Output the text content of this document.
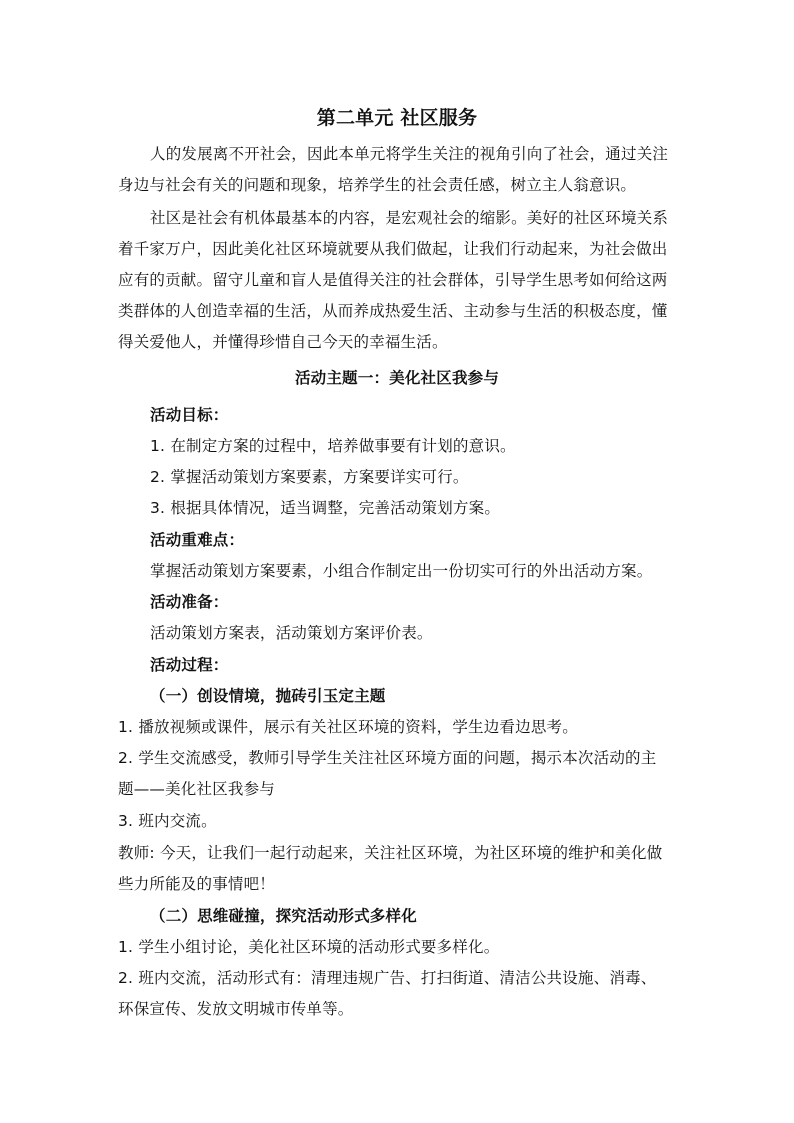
第二单元 社区服务
人的发展离不开社会，因此本单元将学生关注的视角引向了社会，通过关注
身边与社会有关的问题和现象，培养学生的社会责任感，树立主人翁意识。
社区是社会有机体最基本的内容，是宏观社会的缩影。美好的社区环境关系
着千家万户，因此美化社区环境就要从我们做起，让我们行动起来，为社会做出
应有的贡献。留守儿童和盲人是值得关注的社会群体，引导学生思考如何给这两
类群体的人创造幸福的生活，从而养成热爱生活、主动参与生活的积极态度，懂
得关爱他人，并懂得珍惜自己今天的幸福生活。
活动主题一：美化社区我参与
活动目标：
1. 在制定方案的过程中，培养做事要有计划的意识。
2. 掌握活动策划方案要素，方案要详实可行。
3. 根据具体情况，适当调整，完善活动策划方案。
活动重难点：
掌握活动策划方案要素，小组合作制定出一份切实可行的外出活动方案。
活动准备：
活动策划方案表，活动策划方案评价表。
活动过程：
（一）创设情境，抛砖引玉定主题
1. 播放视频或课件，展示有关社区环境的资料，学生边看边思考。
2. 学生交流感受，教师引导学生关注社区环境方面的问题，揭示本次活动的主
题——美化社区我参与
3. 班内交流。
教师: 今天，让我们一起行动起来，关注社区环境，为社区环境的维护和美化做
些力所能及的事情吧！
（二）思维碰撞，探究活动形式多样化
1. 学生小组讨论，美化社区环境的活动形式要多样化。
2. 班内交流，活动形式有：清理违规广告、打扫街道、清洁公共设施、消毒、
环保宣传、发放文明城市传单等。
